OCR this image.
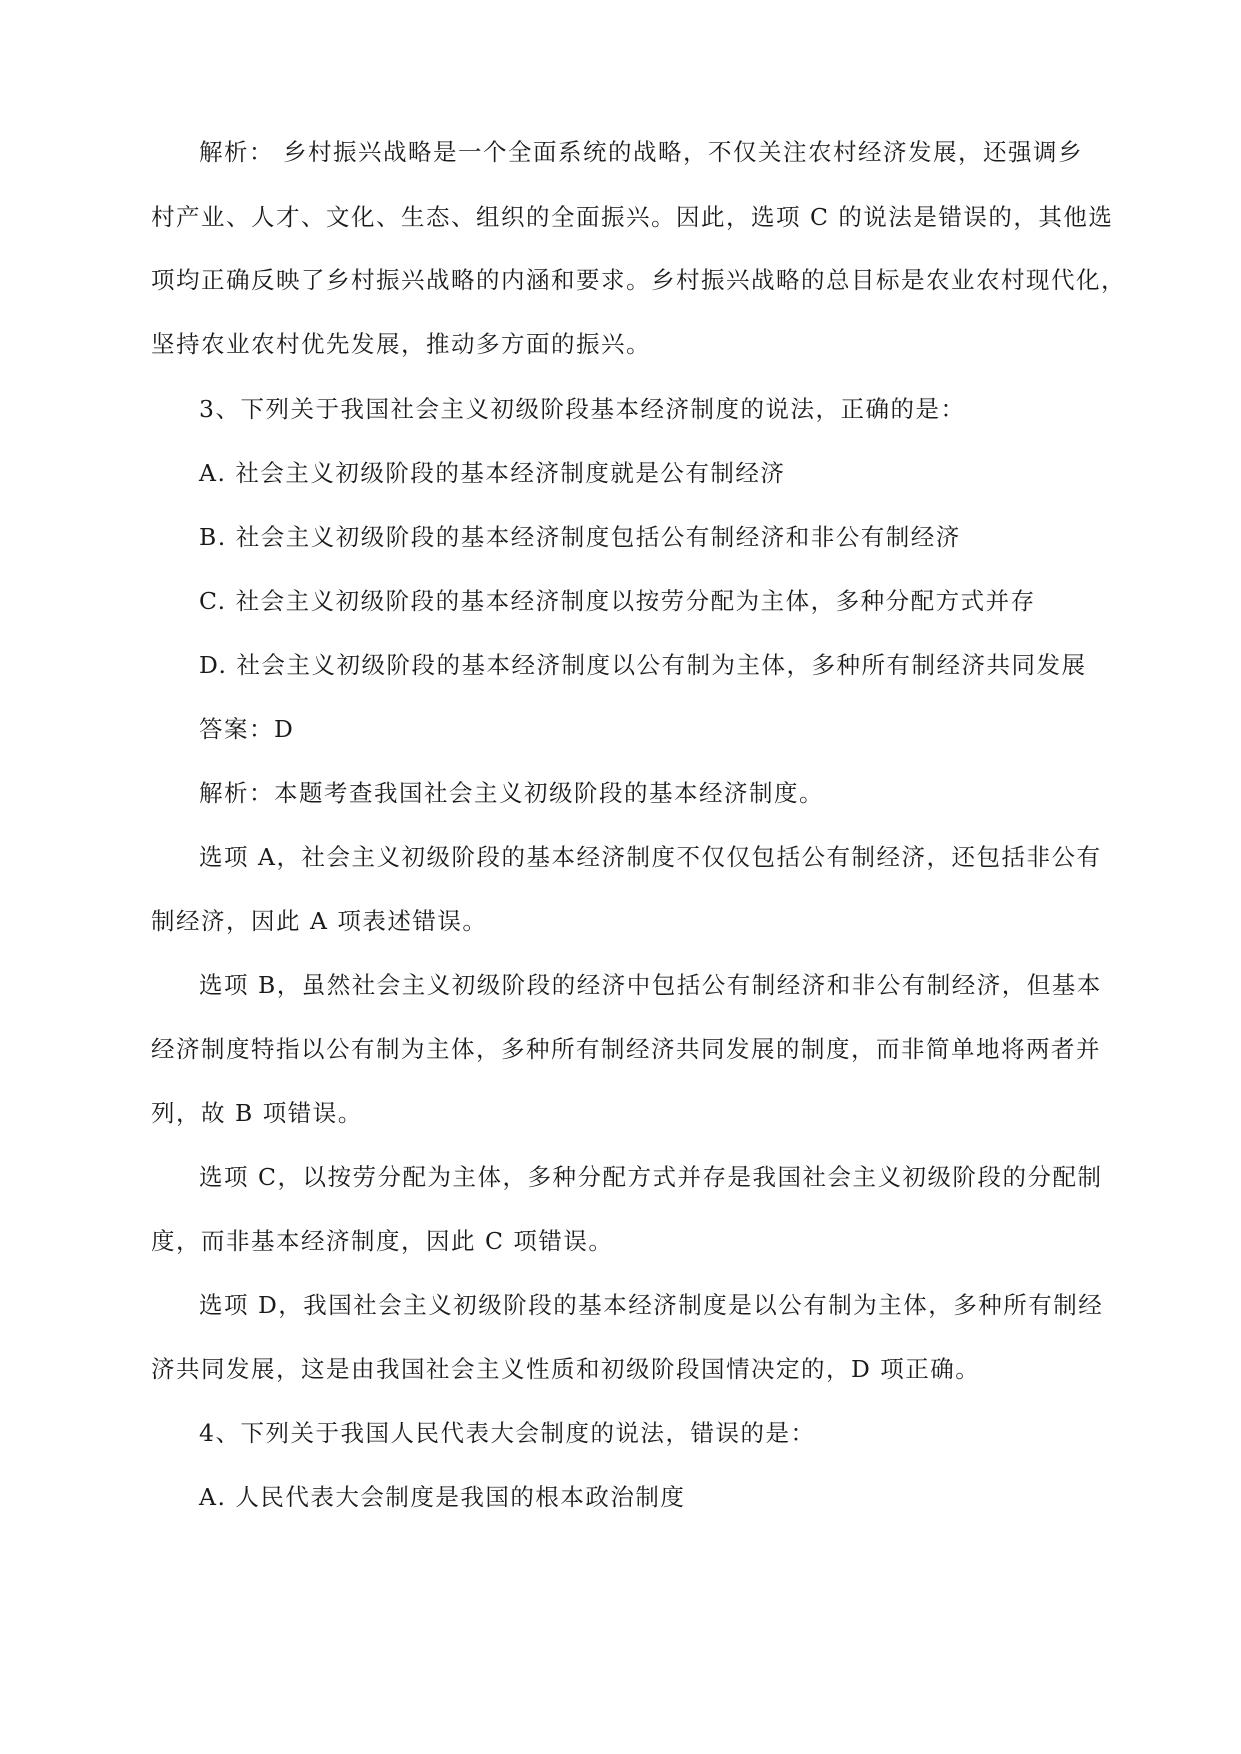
解析： 乡村振兴战略是一个全面系统的战略，不仅关注农村经济发展，还强调乡
村产业、人才、文化、生态、组织的全面振兴。因此，选项 C 的说法是错误的，其他选
项均正确反映了乡村振兴战略的内涵和要求。乡村振兴战略的总目标是农业农村现代化，
坚持农业农村优先发展，推动多方面的振兴。
3、下列关于我国社会主义初级阶段基本经济制度的说法，正确的是：
A. 社会主义初级阶段的基本经济制度就是公有制经济
B. 社会主义初级阶段的基本经济制度包括公有制经济和非公有制经济
C. 社会主义初级阶段的基本经济制度以按劳分配为主体，多种分配方式并存
D. 社会主义初级阶段的基本经济制度以公有制为主体，多种所有制经济共同发展
答案：D
解析：本题考查我国社会主义初级阶段的基本经济制度。
选项 A，社会主义初级阶段的基本经济制度不仅仅包括公有制经济，还包括非公有
制经济，因此 A 项表述错误。
选项 B，虽然社会主义初级阶段的经济中包括公有制经济和非公有制经济，但基本
经济制度特指以公有制为主体，多种所有制经济共同发展的制度，而非简单地将两者并
列，故 B 项错误。
选项 C，以按劳分配为主体，多种分配方式并存是我国社会主义初级阶段的分配制
度，而非基本经济制度，因此 C 项错误。
选项 D，我国社会主义初级阶段的基本经济制度是以公有制为主体，多种所有制经
济共同发展，这是由我国社会主义性质和初级阶段国情决定的，D 项正确。
4、下列关于我国人民代表大会制度的说法，错误的是：
A. 人民代表大会制度是我国的根本政治制度
